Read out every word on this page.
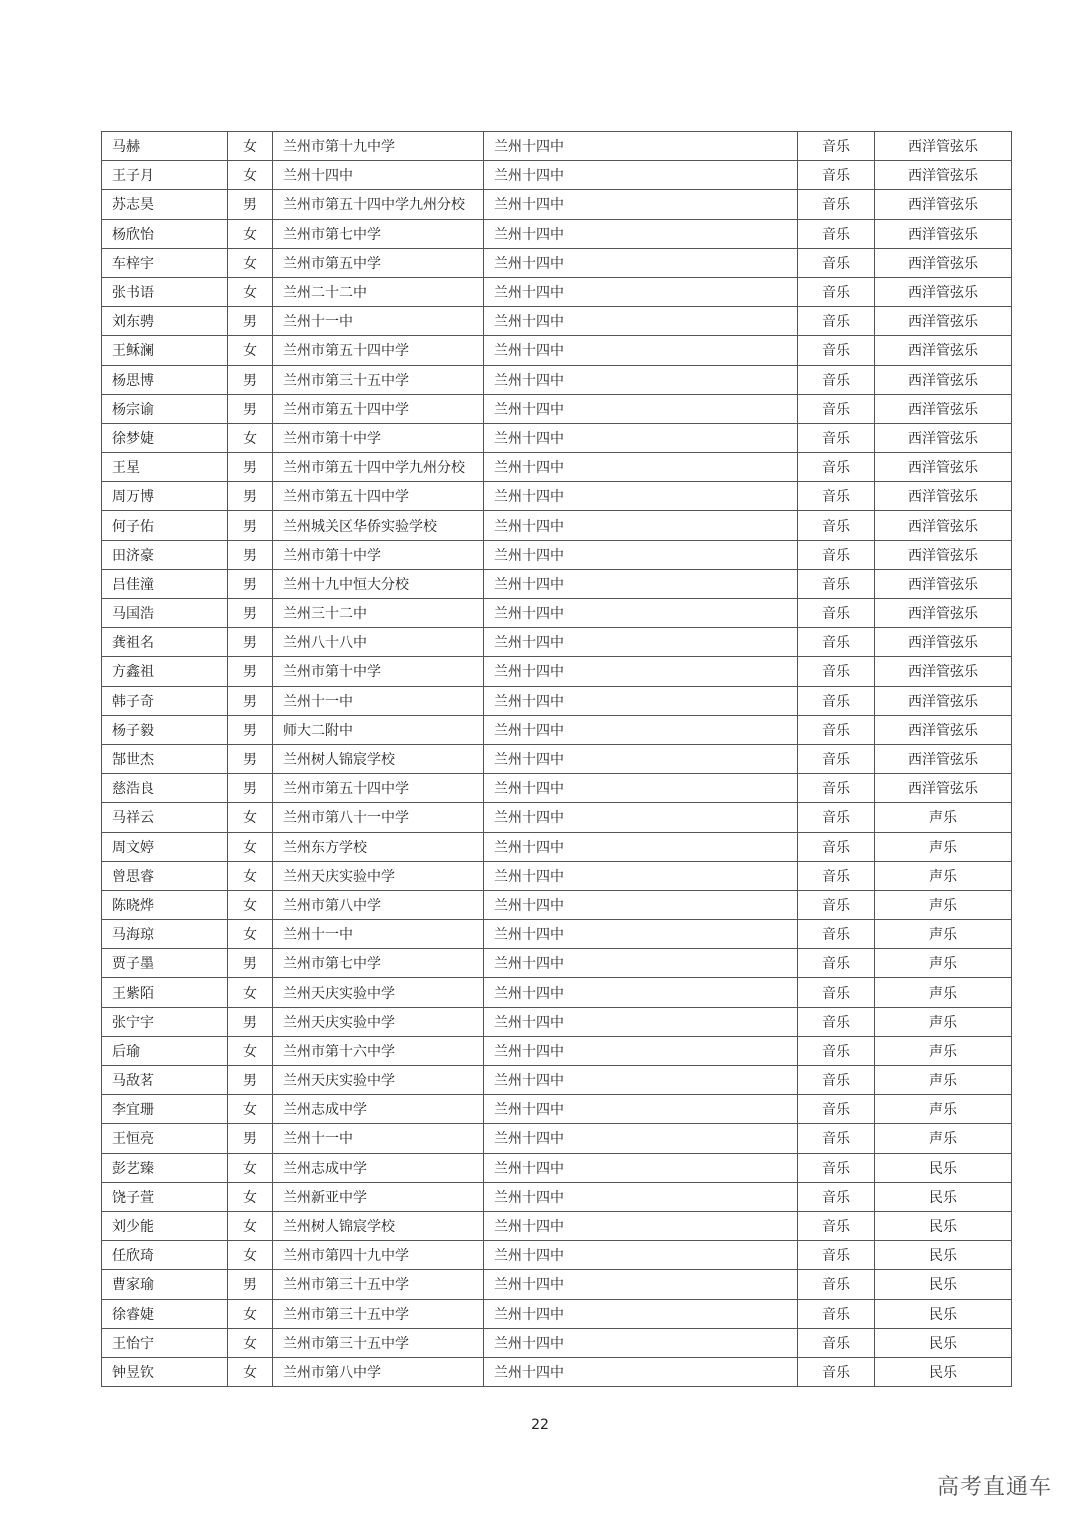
马赫	女	兰州市第十九中学	兰州十四中	音乐	西洋管弦乐
王子月	女	兰州十四中	兰州十四中	音乐	西洋管弦乐
苏志昊	男	兰州市第五十四中学九州分校	兰州十四中	音乐	西洋管弦乐
杨欣怡	女	兰州市第七中学	兰州十四中	音乐	西洋管弦乐
车梓宇	女	兰州市第五中学	兰州十四中	音乐	西洋管弦乐
张书语	女	兰州二十二中	兰州十四中	音乐	西洋管弦乐
刘东骋	男	兰州十一中	兰州十四中	音乐	西洋管弦乐
王稣澜	女	兰州市第五十四中学	兰州十四中	音乐	西洋管弦乐
杨思博	男	兰州市第三十五中学	兰州十四中	音乐	西洋管弦乐
杨宗谕	男	兰州市第五十四中学	兰州十四中	音乐	西洋管弦乐
徐梦婕	女	兰州市第十中学	兰州十四中	音乐	西洋管弦乐
王星	男	兰州市第五十四中学九州分校	兰州十四中	音乐	西洋管弦乐
周万博	男	兰州市第五十四中学	兰州十四中	音乐	西洋管弦乐
何子佑	男	兰州城关区华侨实验学校	兰州十四中	音乐	西洋管弦乐
田济豪	男	兰州市第十中学	兰州十四中	音乐	西洋管弦乐
吕佳潼	男	兰州十九中恒大分校	兰州十四中	音乐	西洋管弦乐
马国浩	男	兰州三十二中	兰州十四中	音乐	西洋管弦乐
龚祖名	男	兰州八十八中	兰州十四中	音乐	西洋管弦乐
方鑫祖	男	兰州市第十中学	兰州十四中	音乐	西洋管弦乐
韩子奇	男	兰州十一中	兰州十四中	音乐	西洋管弦乐
杨子毅	男	师大二附中	兰州十四中	音乐	西洋管弦乐
郜世杰	男	兰州树人锦宸学校	兰州十四中	音乐	西洋管弦乐
慈浩良	男	兰州市第五十四中学	兰州十四中	音乐	西洋管弦乐
马祥云	女	兰州市第八十一中学	兰州十四中	音乐	声乐
周文婷	女	兰州东方学校	兰州十四中	音乐	声乐
曾思睿	女	兰州天庆实验中学	兰州十四中	音乐	声乐
陈晓烨	女	兰州市第八中学	兰州十四中	音乐	声乐
马海琼	女	兰州十一中	兰州十四中	音乐	声乐
贾子墨	男	兰州市第七中学	兰州十四中	音乐	声乐
王紫陌	女	兰州天庆实验中学	兰州十四中	音乐	声乐
张宁宇	男	兰州天庆实验中学	兰州十四中	音乐	声乐
后瑜	女	兰州市第十六中学	兰州十四中	音乐	声乐
马敌茗	男	兰州天庆实验中学	兰州十四中	音乐	声乐
李宜珊	女	兰州志成中学	兰州十四中	音乐	声乐
王恒亮	男	兰州十一中	兰州十四中	音乐	声乐
彭艺臻	女	兰州志成中学	兰州十四中	音乐	民乐
饶子萱	女	兰州新亚中学	兰州十四中	音乐	民乐
刘少能	女	兰州树人锦宸学校	兰州十四中	音乐	民乐
任欣琦	女	兰州市第四十九中学	兰州十四中	音乐	民乐
曹家瑜	男	兰州市第三十五中学	兰州十四中	音乐	民乐
徐睿婕	女	兰州市第三十五中学	兰州十四中	音乐	民乐
王怡宁	女	兰州市第三十五中学	兰州十四中	音乐	民乐
钟昱钦	女	兰州市第八中学	兰州十四中	音乐	民乐
22
高考直通车
